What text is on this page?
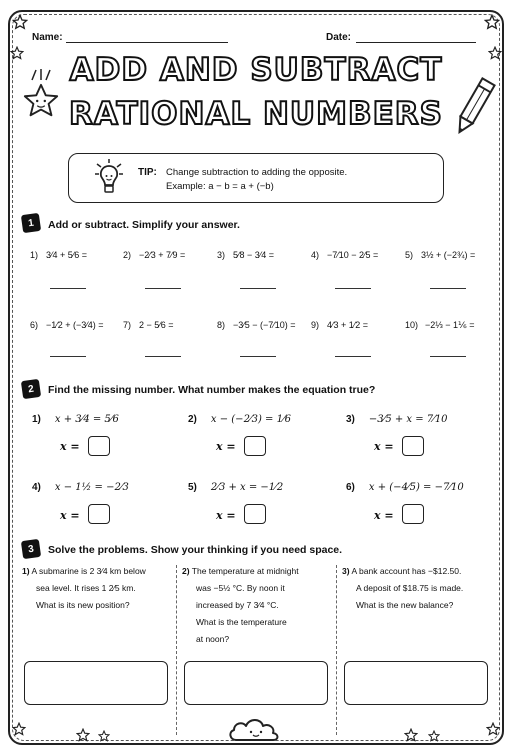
Name:	Date:
ADD AND SUBTRACT
RATIONAL NUMBERS
TIP: Change subtraction to adding the opposite.
Example: a − b = a + (−b)
1	Add or subtract. Simplify your answer.
1) 3⁄4 + 5⁄6 =	2) −2⁄3 + 7⁄9 =	3) 5⁄8 − 3⁄4 =	4) −7⁄10 − 2⁄5 =	5) 3½ + (−2¾) =
6) −1⁄2 + (−3⁄4) = 7) 2 − 5⁄6 =	8) −3⁄5 − (−7⁄10) = 9) 4⁄3 + 1⁄2 =	10) −2⅓ − 1⅙ =
2	Find the missing number. What number makes the equation true?
1) x + 3⁄4 = 5⁄6	2) x − (−2⁄3) = 1⁄6	3) −3⁄5 + x = 7⁄10
x =	x =	x =
4) x − 1½ = −2⁄3	5) 2⁄3 + x = −1⁄2	6) x + (−4⁄5) = −7⁄10
x =	x =	x =
3	Solve the problems. Show your thinking if you need space.
1) A submarine is 2 3⁄4 km below
sea level. It rises 1 2⁄5 km.
What is its new position?
2) The temperature at midnight
was −5½ °C. By noon it
increased by 7 3⁄4 °C.
What is the temperature
at noon?
3) A bank account has −$12.50.
A deposit of $18.75 is made.
What is the new balance?
